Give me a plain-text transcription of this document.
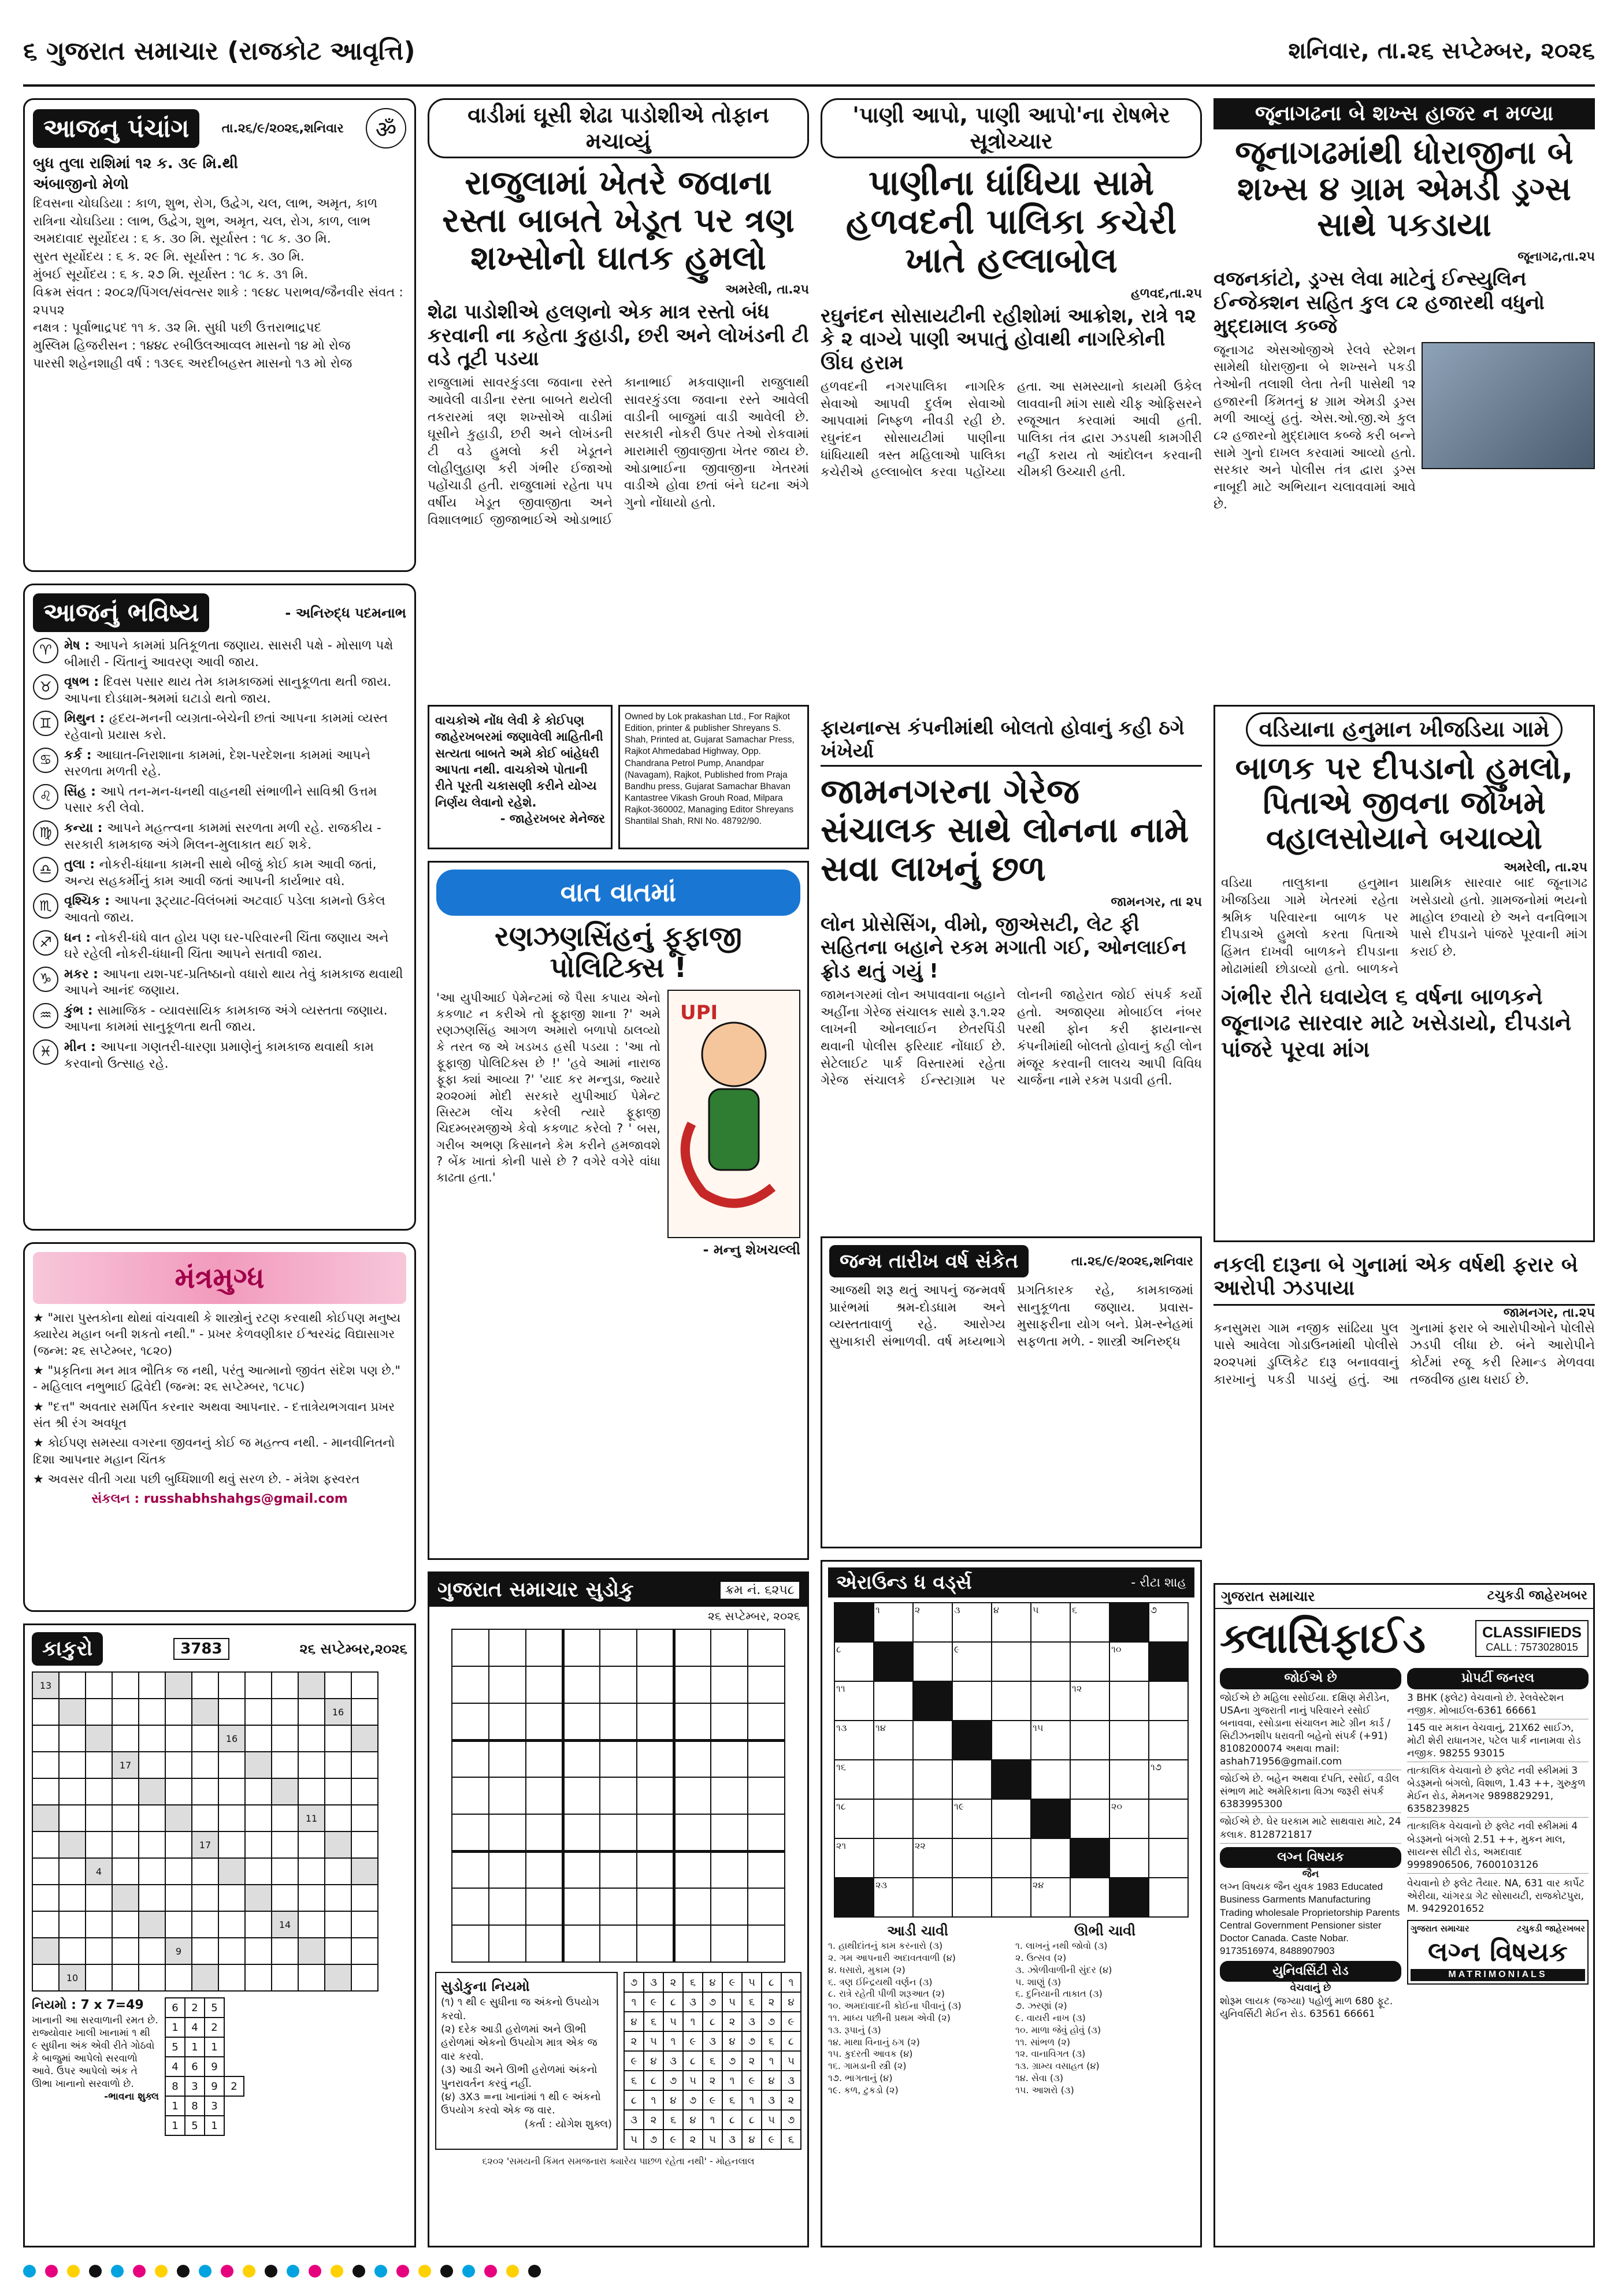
૬ ગુજરાત સમાચાર (રાજકોટ આવૃત્તિ)	શનિવાર, તા.૨૬ સપ્ટેમ્બર, ૨૦૨૬
આજનુ પંચાંગ	તા.૨૬/૯/૨૦૨૬,શનિવાર	ॐ
બુધ તુલા રાશિમાં ૧૨ ક. ૩૯ મિ.થી
અંબાજીનો મેળો
દિવસના ચોઘડિયા : કાળ, શુભ, રોગ, ઉદ્વેગ, ચલ, લાભ, અમૃત, કાળ
રાત્રિના ચોઘડિયા : લાભ, ઉદ્વેગ, શુભ, અમૃત, ચલ, રોગ, કાળ, લાભ
અમદાવાદ સૂર્યોદય : ૬ ક. ૩૦ મિ. સૂર્યાસ્ત : ૧૮ ક. ૩૦ મિ.
સુરત સૂર્યોદય : ૬ ક. ૨૯ મિ. સૂર્યાસ્ત : ૧૮ ક. ૩૦ મિ.
મુંબઈ સૂર્યોદય : ૬ ક. ૨૭ મિ. સૂર્યાસ્ત : ૧૮ ક. ૩૧ મિ.
વિક્રમ સંવત : ૨૦૮૨/પિંગલ/સંવત્સર શાકે : ૧૯૪૮ પરાભવ/જૈનવીર સંવત : ૨૫૫૨
નક્ષત્ર : પૂર્વાભાદ્રપદ ૧૧ ક. ૩૨ મિ. સુધી પછી ઉત્તરાભાદ્રપદ
મુસ્લિમ હિજરીસન : ૧૪૪૮ રબીઉલઆવ્વલ માસનો ૧૪ મો રોજ
પારસી શહેનશાહી વર્ષ : ૧૩૯૬ અરદીબહસ્ત માસનો ૧૩ મો રોજ
આજનું ભવિષ્ય	- અનિરુદ્ધ પદમનાભ
♈ મેષ : આપને કામમાં પ્રતિકૂળતા જણાય. સાસરી પક્ષે - મોસાળ પક્ષે બીમારી - ચિંતાનું આવરણ આવી જાય.
♉ વૃષભ : દિવસ પસાર થાય તેમ કામકાજમાં સાનુકૂળતા થતી જાય. આપના દોડધામ-શ્રમમાં ઘટાડો થતો જાય.
♊ મિથુન : હૃદય-મનની વ્યગ્રતા-બેચેની છતાં આપના કામમાં વ્યસ્ત રહેવાનો પ્રયાસ કરો.
♋ કર્ક : આઘાત-નિરાશાના કામમાં, દેશ-પરદેશના કામમાં આપને સરળતા મળતી રહે.
♌ સિંહ : આપે તન-મન-ધનથી વાહનથી સંભાળીને સાવિશ્રી ઉત્તમ પસાર કરી લેવો.
♍ કન્યા : આપને મહત્ત્વના કામમાં સરળતા મળી રહે. રાજકીય - સરકારી કામકાજ અંગે મિલન-મુલાકાત થઈ શકે.
♎ તુલા : નોકરી-ધંધાના કામની સાથે બીજું કોઈ કામ આવી જતાં, અન્ય સહકર્મીનું કામ આવી જતાં આપની કાર્યભાર વધે.
♏ વૃશ્ચિક : આપના રૂટ્યાટ-વિલંબમાં અટવાઈ પડેલા કામનો ઉકેલ આવતો જાય.
♐ ધન : નોકરી-ધંધે વાત હોય પણ ઘર-પરિવારની ચિંતા જણાય અને ઘરે રહેલી નોકરી-ધંધાની ચિંતા આપને સતાવી જાય.
♑ મકર : આપના યશ-પદ-પ્રતિષ્ઠાનો વધારો થાય તેવું કામકાજ થવાથી આપને આનંદ જણાય.
♒ કુંભ : સામાજિક - વ્યાવસાયિક કામકાજ અંગે વ્યસ્તતા જણાય. આપના કામમાં સાનુકૂળતા થતી જાય.
♓ મીન : આપના ગણતરી-ધારણા પ્રમાણેનું કામકાજ થવાથી કામ કરવાનો ઉત્સાહ રહે.
મંત્રમુગ્ધ
★ "મારા પુસ્તકોના થોથાં વાંચવાથી કે શાસ્ત્રોનું રટણ કરવાથી કોઈપણ મનુષ્ય ક્યારેય મહાન બની શકતો નથી." - પ્રખર કેળવણીકાર ઈશ્વરચંદ્ર વિદ્યાસાગર (જન્મ: ૨૬ સપ્ટેમ્બર, ૧૮૨૦)
★ "પ્રકૃતિના મન માત્ર ભૌતિક જ નથી, પરંતુ આત્માનો જીવંત સંદેશ પણ છે." - મહિલાલ નભુભાઈ દ્વિવેદી (જન્મ: ૨૬ સપ્ટેમ્બર, ૧૮૫૮)
★ "દત્ત" અવતાર સમર્પિત કરનાર અથવા આપનાર. - દત્તાત્રેયભગવાન પ્રખર સંત શ્રી રંગ અવધૂત
★ કોઈપણ સમસ્યા વગરના જીવનનું કોઈ જ મહત્ત્વ નથી. - માનવીનિતનો દિશા આપનાર મહાન ચિંતક
★ અવસર વીતી ગયા પછી બુધ્ધિશાળી થવું સરળ છે. - મંત્રેશ ફસ્વરત
સંકલન : russhabhshahgs@gmail.com
કાકુરો	3783	૨૬ સપ્ટેમ્બર,૨૦૨૬
13												
											16	
							16					
			17									

										11		
						17						
		4										

									14			
					9							
	10											
નિયમો : 7 x 7=49
ખાનાની આ સરવાળાની રમત છે. રાજ્યોવાર ખાલી ખાનામાં ૧ થી ૯ સુધીના અંક એવી રીતે ગોઠવો કે બાજુમાં આપેલો સરવાળો આવે. ઉપર આપેલો અંક તે ઊભા ખાનાનો સરવાળો છે.
-ભાવના શુક્લ
6	2	5	
1	4	2	
5	1	1	
4	6	9	
8	3	9	2
1	8	3	
1	5	1	
વાડીમાં ઘૂસી શેઢા પાડોશીએ તોફાન મચાવ્યું
રાજુલામાં ખેતરે જવાના રસ્તા બાબતે ખેડૂત પર ત્રણ શખ્સોનો ઘાતક હુમલો
અમરેલી, તા.૨૫
શેઢા પાડોશીએ હલણનો એક માત્ર રસ્તો બંધ કરવાની ના કહેતા કુહાડી, છરી અને લોખંડની ટી વડે તૂટી પડયા
રાજુલામાં સાવરકુંડલા જવાના રસ્તે આવેલી વાડીના રસ્તા બાબતે થયેલી તકરારમાં ત્રણ શખ્સોએ વાડીમાં ઘૂસીને કુહાડી, છરી અને લોખંડની ટી વડે હુમલો કરી ખેડૂતને લોહીલુહાણ કરી ગંભીર ઈજાઓ પહોંચાડી હતી. રાજુલામાં રહેતા પ૫ વર્ષીય ખેડૂત જીવાજીતા અને વિશાલભાઈ જીજાભાઈએ ઓડાભાઈ કાનાભાઈ મકવાણાની રાજુલાથી સાવરકુંડલા જવાના રસ્તે આવેલી વાડીની બાજુમાં વાડી આવેલી છે. સરકારી નોકરી ઉપર તેઓ રોકવામાં મારામારી જીવાજીતા ખેતર જાય છે. ઓડાભાઈના જીવાજીના ખેતરમાં વાડીએ હોવા છતાં બંને ઘટના અંગે ગુનો નોંધાયો હતો.
વાચકોએ નોંધ લેવી કે કોઈપણ
જાહેરખબરમાં જણાવેલી માહિતીની
સત્યતા બાબતે અમે કોઈ બાંહેધરી
આપતા નથી. વાચકોએ પોતાની
રીતે પૂરતી ચકાસણી કરીને યોગ્ય
નિર્ણય લેવાનો રહેશે.
- જાહેરખબર મેનેજર
Owned by Lok prakashan Ltd., For Rajkot Edition, printer & publisher Shreyans S. Shah, Printed at, Gujarat Samachar Press, Rajkot Ahmedabad Highway, Opp. Chandrana Petrol Pump, Anandpar (Navagam), Rajkot, Published from Praja Bandhu press, Gujarat Samachar Bhavan Kantastree Vikash Grouh Road, Milpara Rajkot-360002, Managing Editor Shreyans Shantilal Shah, RNI No. 48792/90.
વાત વાતમાં
રણઝણસિંહનું ફૂફાજી પોલિટિક્સ !
'આ યુપીઆઈ પેમેન્ટમાં જે પૈસા કપાય એનો કકળાટ ન કરીએ તો ફૂફાજી શાના ?' અમે રણઝણસિંહ આગળ અમારો બળાપો ઠાલવ્યો કે તરત જ એ ખડખડ હસી પડયા : 'આ તો ફૂફાજી પોલિટિક્સ છે !' 'હવે આમાં નારાજ ફૂફા ક્યાં આવ્યા ?' 'યાદ કર મન્નુડા, જ્યારે ૨૦૨૦માં મોદી સરકારે યુપીઆઈ પેમેન્ટ સિસ્ટમ લોંચ કરેલી ત્યારે ફૂફાજી ચિદમ્બરમજીએ કેવો કકળાટ કરેલો ? ' બસ, ગરીબ અભણ કિસાનને કેમ કરીને હમજાવશે ? બેંક ખાતાં કોની પાસે છે ? વગેરે વગેરે વાંધા કાઢતા હતા.'
UPI
- મન્નુ શેખચલ્લી
ગુજરાત સમાચાર સુડોકુ	ક્રમ નં. ૬૨૫૮
૨૬ સપ્ટેમ્બર, ૨૦૨૬

સુડોકુના નિયમો
(૧) ૧ થી ૯ સુધીના જ અંકનો ઉપયોગ કરવો.
(૨) દરેક આડી હરોળમાં અને ઊભી હરોળમાં એકનો ઉપયોગ માત્ર એક જ વાર કરવો.
(૩) આડી અને ઊભી હરોળમાં અંકનો પુનરાવર્તન કરવું નહીં.
(૪) ૩X૩ =ના ખાનાંમાં ૧ થી ૯ અંકનો ઉપયોગ કરવો એક જ વાર.
(કર્તા : યોગેશ શુક્લ)
૭	૩	૨	૬	૪	૯	૫	૮	૧
૧	૯	૮	૩	૭	૫	૬	૨	૪
૪	૬	૫	૧	૮	૨	૩	૭	૯
૨	૫	૧	૯	૩	૪	૭	૬	૮
૯	૪	૩	૮	૬	૭	૨	૧	૫
૬	૮	૭	૫	૨	૧	૯	૪	૩
૮	૧	૪	૭	૯	૬	૧	૩	૨
૩	૨	૬	૪	૧	૮	૮	૫	૭
૫	૭	૯	૨	૫	૩	૪	૯	૬
૬૨૦૨ 'સમયની કિંમત સમજનારા ક્યારેય પાછળ રહેતા નથી' - મોહનલાલ
'પાણી આપો, પાણી આપો'ના રોષભેર સૂત્રોચ્ચાર
પાણીના ધાંધિયા સામે હળવદની પાલિકા કચેરી ખાતે હલ્લાબોલ
હળવદ,તા.૨૫
રઘુનંદન સોસાયટીની રહીશોમાં આક્રોશ, રાત્રે ૧૨ કે ૨ વાગ્યે પાણી અપાતું હોવાથી નાગરિકોની ઊંઘ હરામ
હળવદની નગરપાલિકા નાગરિક સેવાઓ આપવી દુર્લભ સેવાઓ આપવામાં નિષ્ફળ નીવડી રહી છે. રઘુનંદન સોસાયટીમાં પાણીના ધાંધિયાથી ત્રસ્ત મહિલાઓ પાલિકા કચેરીએ હલ્લાબોલ કરવા પહોંચ્યા હતા. આ સમસ્યાનો કાયમી ઉકેલ લાવવાની માંગ સાથે ચીફ ઓફિસરને રજૂઆત કરવામાં આવી હતી. પાલિકા તંત્ર દ્વારા ઝડપથી કામગીરી નહીં કરાય તો આંદોલન કરવાની ચીમકી ઉચ્ચારી હતી.
ફાયનાન્સ કંપનીમાંથી બોલતો હોવાનું કહી ઠગે ખંખેર્યા
જામનગરના ગેરેજ સંચાલક સાથે લોનના નામે સવા લાખનું છળ
જામનગર, તા ૨૫
લોન પ્રોસેસિંગ, વીમો, જીએસટી, લેટ ફી સહિતના બહાને રકમ મગાતી ગઈ, ઓનલાઈન ફ્રોડ થતું ગયું !
જામનગરમાં લોન અપાવવાના બહાને અહીંના ગેરેજ સંચાલક સાથે રૂ.૧.૨૨ લાખની ઓનલાઈન છેતરપિંડી થવાની પોલીસ ફરિયાદ નોંધાઈ છે. સેટેલાઈટ પાર્ક વિસ્તારમાં રહેતા ગેરેજ સંચાલકે ઈન્સ્ટાગ્રામ પર લોનની જાહેરાત જોઈ સંપર્ક કર્યો હતો. અજાણ્યા મોબાઈલ નંબર પરથી ફોન કરી ફાયનાન્સ કંપનીમાંથી બોલતો હોવાનું કહી લોન મંજૂર કરવાની લાલચ આપી વિવિધ ચાર્જના નામે રકમ પડાવી હતી.
જન્મ તારીખ વર્ષ સંકેત	તા.૨૬/૯/૨૦૨૬,શનિવાર
આજથી શરૂ થતું આપનું જન્મવર્ષ પ્રારંભમાં શ્રમ-દોડધામ અને વ્યસ્તતાવાળું રહે. આરોગ્ય સુખાકારી સંભાળવી. વર્ષ મધ્યભાગે પ્રગતિકારક રહે, કામકાજમાં સાનુકૂળતા જણાય. પ્રવાસ-મુસાફરીના યોગ બને. પ્રેમ-સ્નેહમાં સફળતા મળે. - શાસ્ત્રી અનિરુદ્ધ
એરાઉન્ડ ધ વર્ડ્સ	- રીટા શાહ
	૧	૨	૩	૪	૫	૬		૭
૮			૯				૧૦	
૧૧						૧૨		
૧૩	૧૪				૧૫			
૧૬								૧૭
૧૮			૧૯				૨૦	
૨૧		૨૨						
	૨૩				૨૪			
આડી ચાવી
૧. હાથીદાંતનું કામ કરનારો (૩)
૨. ગમ આપનારી અદાવતવાળી (૪)
૪. ધસારો, મુકામ (૨)
૬. ત્રણ ઈન્દ્રિયથી વર્ણન (૩)
૮. રાત્રે રહેતી પીળી શરૂઆત (૨)
૧૦. અમદાવાદની કોઈના પીવાનું (૩)
૧૧. માધ્ય પછીની પ્રથમ એવી (૨)
૧૩. રૂપાનું (૩)
૧૪. માથા વિનાનું ઠગ (૨)
૧૫. કુદરતી આવક (૪)
૧૬. ગામડાની સ્ત્રી (૨)
૧૭. ભાગતાનું (૪)
૧૯. કળ, ટુકડો (૨)
ઊભી ચાવી
૧. લાખનું નથી જોવો (૩)
૨. ઉત્સવ (૨)
૩. ઝોળીવાળીની સુંદર (૪)
૫. શાણું (૩)
૬. દુનિયાની તાકાત (૩)
૭. ઝરણાં (૨)
૯. વાયરી નાખ (૩)
૧૦. માળા જેવું હોવું (૩)
૧૧. સાંભળ (૨)
૧૨. વાનાવિગત (૩)
૧૩. ગ્રામ્ય વસાહત (૪)
૧૪. સેવા (૩)
૧૫. આશરો (૩)
જૂનાગઢના બે શખ્સ હાજર ન મળ્યા
જૂનાગઢમાંથી ધોરાજીના બે શખ્સ ૪ ગ્રામ એમડી ડ્રગ્સ સાથે પકડાયા
જૂનાગઢ,તા.૨૫
વજનકાંટો, ડ્રગ્સ લેવા માટેનું ઈન્સ્યુલિન ઈન્જેક્શન સહિત કુલ ૮૨ હજારથી વધુનો મુદ્દામાલ કબ્જે
જૂનાગઢ એસઓજીએ રેલવે સ્ટેશન સામેથી ધોરાજીના બે શખ્સને પકડી તેઓની તલાશી લેતા તેની પાસેથી ૧૨ હજારની કિંમતનું ૪ ગ્રામ એમડી ડ્રગ્સ મળી આવ્યું હતું. એસ.ઓ.જી.એ કુલ ૮૨ હજારનો મુદ્દામાલ કબ્જે કરી બન્ને સામે ગુનો દાખલ કરવામાં આવ્યો હતો. સરકાર અને પોલીસ તંત્ર દ્વારા ડ્રગ્સ નાબૂદી માટે અભિયાન ચલાવવામાં આવે છે.
વડિયાના હનુમાન ખીજડિયા ગામે
બાળક પર દીપડાનો હુમલો, પિતાએ જીવના જોખમે વહાલસોયાને બચાવ્યો
અમરેલી, તા.૨૫
વડિયા તાલુકાના હનુમાન ખીજડિયા ગામે ખેતરમાં રહેતા શ્રમિક પરિવારના બાળક પર દીપડાએ હુમલો કરતા પિતાએ હિંમત દાખવી બાળકને દીપડાના મોઢામાંથી છોડાવ્યો હતો. બાળકને પ્રાથમિક સારવાર બાદ જૂનાગઢ ખસેડાયો હતો. ગ્રામજનોમાં ભયનો માહોલ છવાયો છે અને વનવિભાગ પાસે દીપડાને પાંજરે પૂરવાની માંગ કરાઈ છે.
ગંભીર રીતે ઘવાયેલ ૬ વર્ષના બાળકને જૂનાગઢ સારવાર માટે ખસેડાયો, દીપડાને પાંજરે પૂરવા માંગ
નકલી દારૂના બે ગુનામાં એક વર્ષથી ફરાર બે આરોપી ઝડપાયા
જામનગર, તા.૨૫
કનસુમરા ગામ નજીક સાંઢિયા પુલ પાસે આવેલા ગોડાઉનમાંથી પોલીસે ૨૦૨૫માં ડુપ્લિકેટ દારૂ બનાવવાનું કારખાનું પકડી પાડયું હતું. આ ગુનામાં ફરાર બે આરોપીઓને પોલીસે ઝડપી લીધા છે. બંને આરોપીને કોર્ટમાં રજૂ કરી રિમાન્ડ મેળવવા તજવીજ હાથ ધરાઈ છે.
ગુજરાત સમાચાર	ટચુકડી જાહેરખબર
ક્લાસિફાઈડ	CLASSIFIEDS
CALL : 7573028015
જોઈએ છે
જોઈએ છે મહિલા રસોઈયા. દક્ષિણ મેરીડેન, USAના ગુજરાતી નાનું પરિવારને રસોઈ બનાવવા, રસોડાના સંચાલન માટે ગ્રીન કાર્ડ /સિટીઝનશીપ ધરાવતી બહેનો સંપર્ક (+91) 8108200074 અથવા mail: ashah71956@gmail.com
જોઈએ છે. બહેન અથવા દંપતિ, રસોઈ, વડીલ સંભાળ માટે અમેરિકાના વિઝા જરૂરી સંપર્ક 6383995300
જોઈએ છે. ઘેર ઘરકામ માટે સાથવારા માટે, 24 કલાક. 8128721817
લગ્ન વિષયક
જૈન
લગ્ન વિષયક જૈન યુવક 1983 Educated Business Garments Manufacturing Trading wholesale Proprietorship Parents Central Government Pensioner sister Doctor Canada. Caste Nobar. 9173516974, 8488907903
યુનિવર્સિટી રોડ
વેચવાનું છે
શોરૂમ લાયક (જગ્યા) પહોળું માળ 680 ફૂટ. યુનિવર્સિટી મેઈન રોડ. 63561 66661
પ્રોપર્ટી જનરલ
3 BHK (ફ્લેટ) વેચવાનો છે. રેલવેસ્ટેશન નજીક. મોબાઈલ-6361 66661
145 વાર મકાન વેચવાનું, 21X62 સાઈઝ, મોટી શેરી રાધાનગર, પટેલ પાર્ક નાનામવા રોડ નજીક. 98255 93015
તાત્કાલિક વેચવાનો છે ફ્લેટ નવી સ્કીમમાં 3 બેડરૂમનો બંગલો, વિશાળ, 1.43 ++, ગુરુકુળ મેઈન રોડ, મેમનગર 9898829291, 6358239825
તાત્કાલિક વેચવાનો છે ફ્લેટ નવી સ્કીમમાં 4 બેડરૂમનો બંગલો 2.51 ++, મુકન માલ, સાયન્સ સીટી રોડ, અમદાવાદ 9998906506, 7600103126
વેચવાનો છે ફ્લેટ તૈયાર. NA, 631 વાર કાર્પેટ એરીયા, ચાંગરડા ગેટ સોસાયટી, રાજકોટપુરા, M. 9429201652
ગુજરાત સમાચાર	ટચુકડી જાહેરખબર
લગ્ન વિષયક
MATRIMONIALS
